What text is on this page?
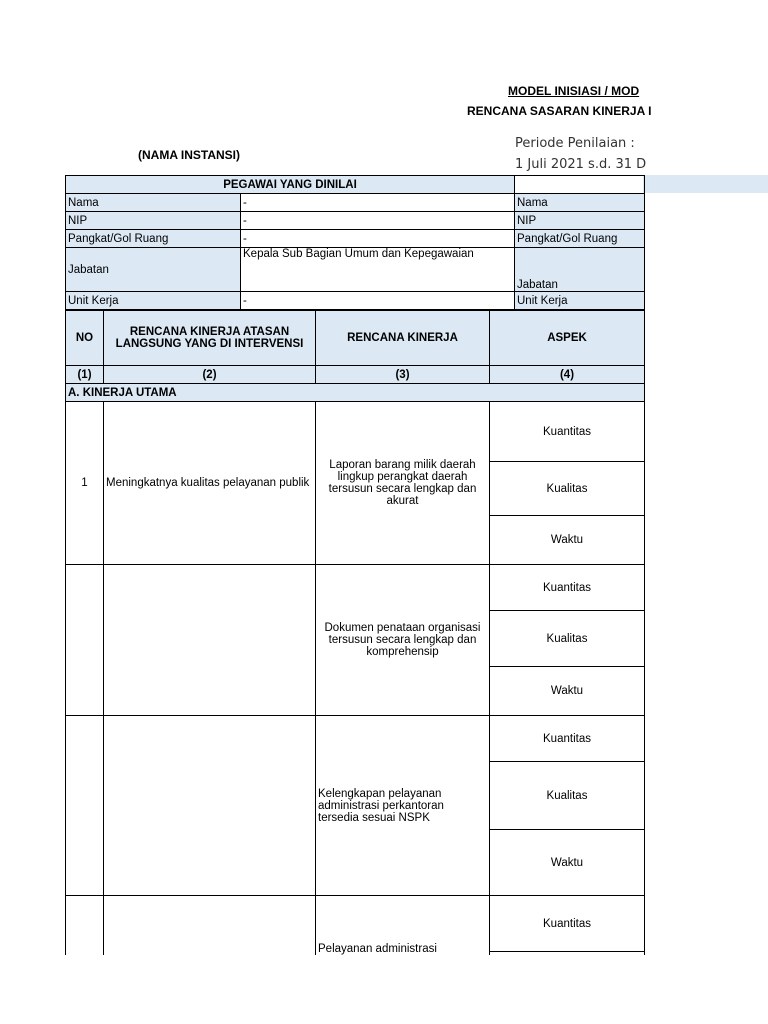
MODEL INISIASI / MOD
RENCANA SASARAN KINERJA I
(NAMA INSTANSI)
Periode Penilaian :
1 Juli 2021 s.d. 31 D
PEGAWAI YANG DINILAI		
Nama	-	Nama
NIP	-	NIP
Pangkat/Gol Ruang	-	Pangkat/Gol Ruang
Jabatan	Kepala Sub Bagian Umum dan Kepegawaian	Jabatan
Unit Kerja	-	Unit Kerja
NO	RENCANA KINERJA ATASAN LANGSUNG YANG DI INTERVENSI	RENCANA KINERJA	ASPEK
(1)	(2)	(3)	(4)
A. KINERJA UTAMA			
1	Meningkatnya kualitas pelayanan publik	Laporan barang milik daerah lingkup perangkat daerah tersusun secara lengkap dan akurat	Kuantitas
			Kualitas
			Waktu
		Dokumen penataan organisasi tersusun secara lengkap dan komprehensip	Kuantitas
			Kualitas
			Waktu
		Kelengkapan pelayanan administrasi perkantoran tersedia sesuai NSPK	Kuantitas
			Kualitas
			Waktu
		Pelayanan administrasi	Kuantitas
